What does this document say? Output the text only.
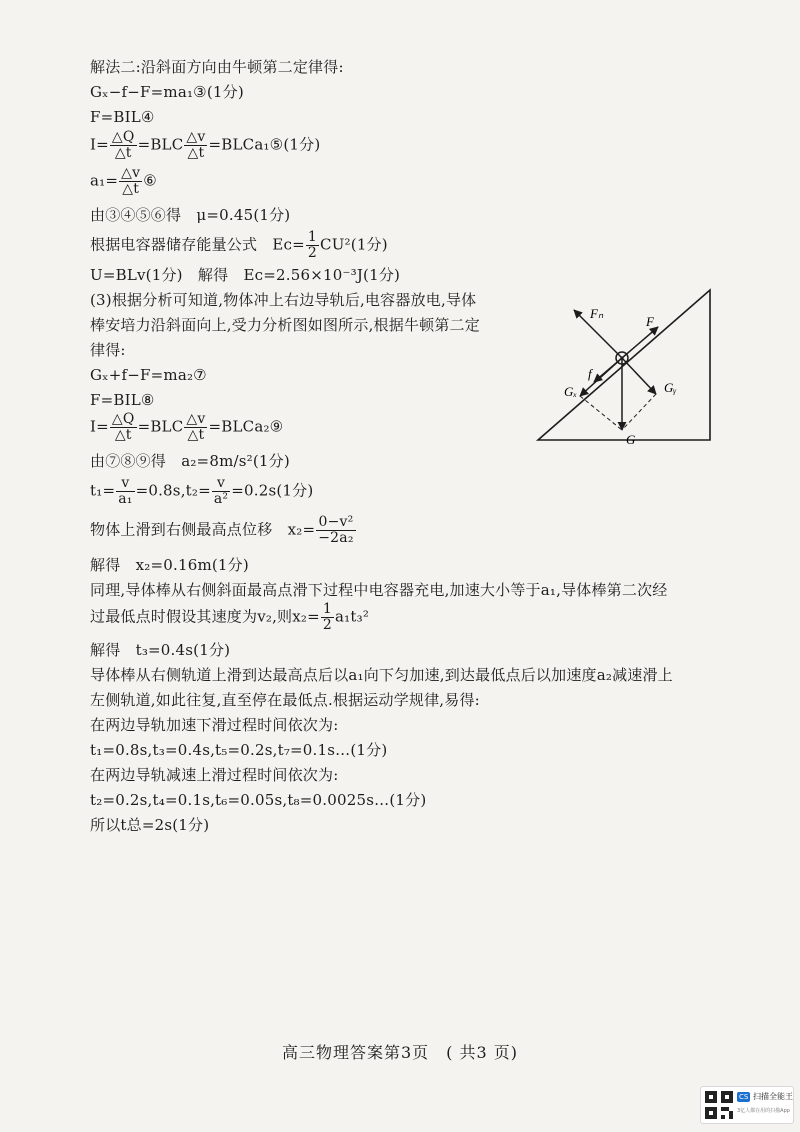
解法二:沿斜面方向由牛顿第二定律得:
Gₓ−f−F=ma₁③(1分)
F=BIL④
$I= \frac{\triangle Q}{\triangle t} =BLC \frac{\triangle v}{\triangle t}$ =BLCa₁⑤(1分)
$a_1= \frac{\triangle v}{\triangle t}$ ⑥
由③④⑤⑥得　μ=0.45(1分)
根据电容器储存能量公式　Eᴄ= $\frac{1}{2} CU^2(1$分)
U=BLv(1分)　解得　Eᴄ=2.56×10⁻³J(1分)
(3)根据分析可知道,物体冲上右边导轨后,电容器放电,导体
棒安培力沿斜面向上,受力分析图如图所示,根据牛顿第二定
律得:
Gₓ+f−F=ma₂⑦
F=BIL⑧
$I= \frac{\triangle Q}{\triangle t} =BLC \frac{\triangle v}{\triangle t}$ =BLCa₂⑨
由⑦⑧⑨得　a₂=8m/s²(1分)
$t_1= \frac{v}{\text{a₁}} =0.8s,t_2= \frac{v}{\text{a²}} =0.2s(1$分)
物体上滑到右侧最高点位移　$x_2= \frac{\text{0−v²}}{\text{−2a₂}}$
解得　x₂=0.16m(1分)
同理,导体棒从右侧斜面最高点滑下过程中电容器充电,加速大小等于a₁,导体棒第二次经
过最低点时假设其速度为v₂,则$x_2= \frac{1}{2} a_1t_3^2$
解得　t₃=0.4s(1分)
导体棒从右侧轨道上滑到达最高点后以a₁向下匀加速,到达最低点后以加速度a₂减速滑上
左侧轨道,如此往复,直至停在最低点.根据运动学规律,易得:
在两边导轨加速下滑过程时间依次为:
t₁=0.8s,t₃=0.4s,t₅=0.2s,t₇=0.1s…(1分)
在两边导轨减速上滑过程时间依次为:
t₂=0.2s,t₄=0.1s,t₆=0.05s,t₈=0.0025s…(1分)
所以t总=2s(1分)
Fₙ
F
f
Gₓ	Gᵧ
G
高三物理答案第3页　( 共3 页)
CS 扫描全能王
3亿人都在用的扫描App
